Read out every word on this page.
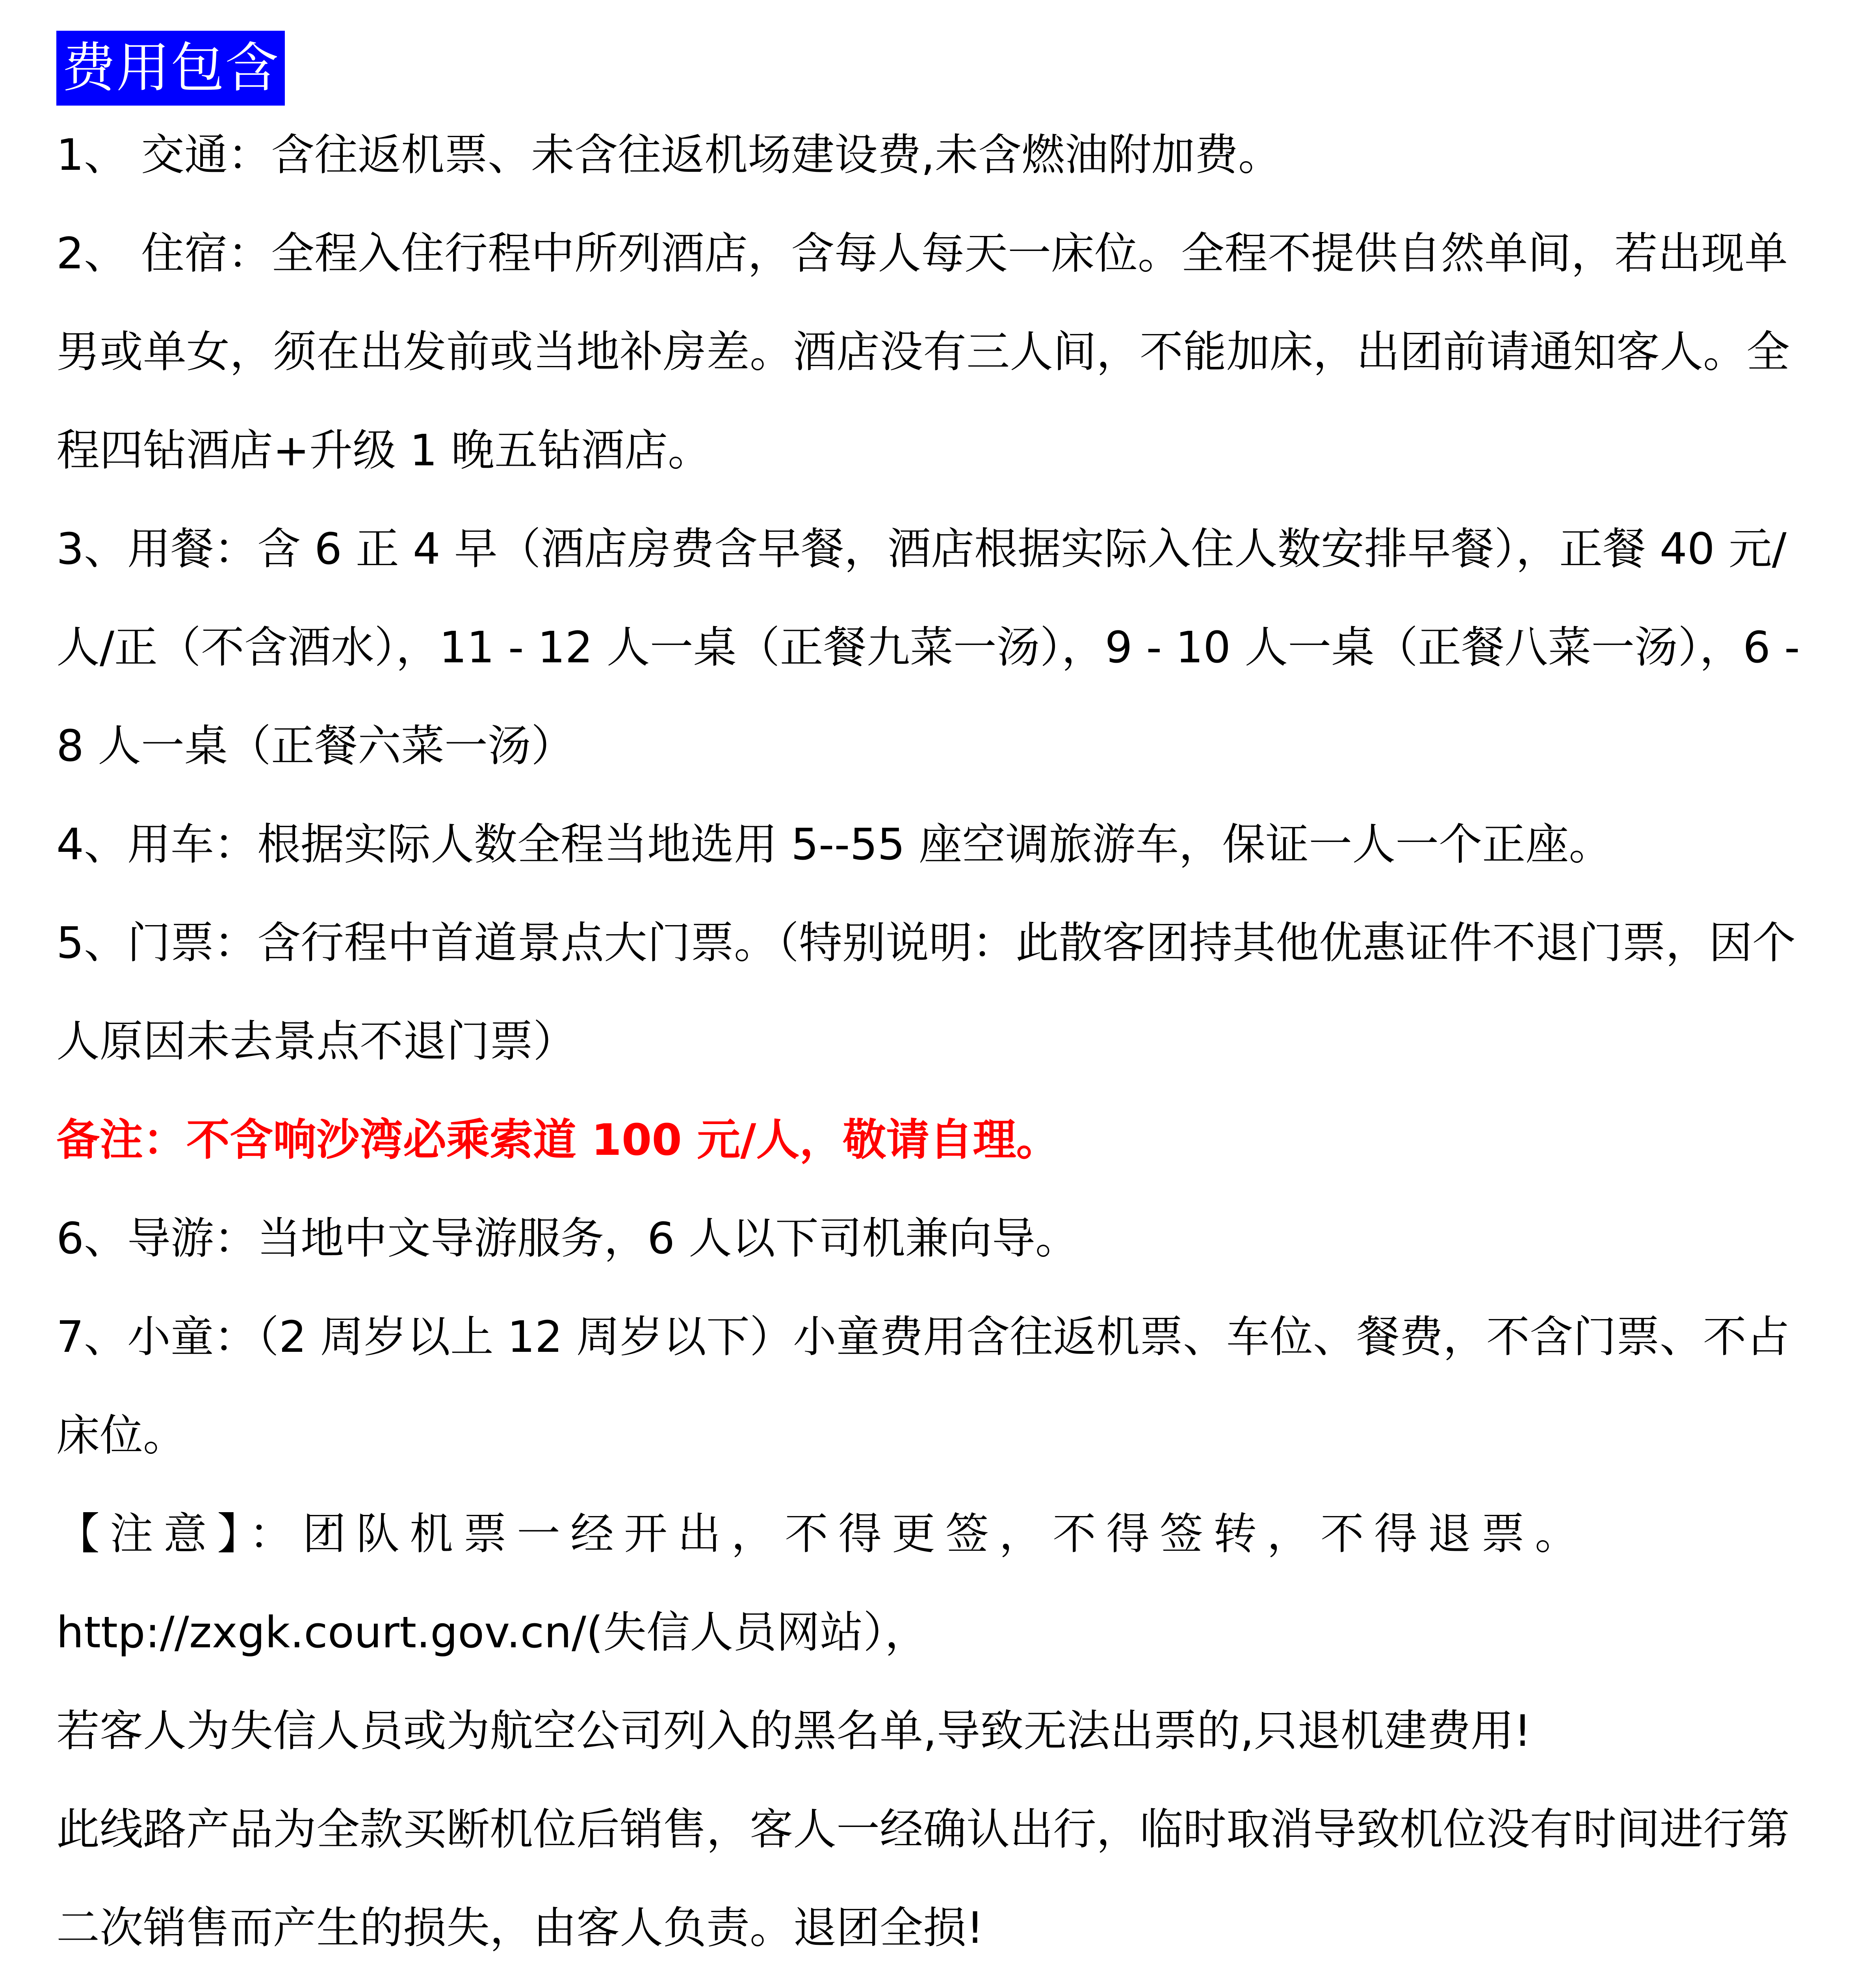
费用包含

1、 交通：含往返机票、未含往返机场建设费,未含燃油附加费。

2、 住宿：全程入住行程中所列酒店，含每人每天一床位。全程不提供自然单间，若出现单男或单女，须在出发前或当地补房差。酒店没有三人间，不能加床，出团前请通知客人。全程四钻酒店+升级 1 晚五钻酒店。

3、用餐：含 6 正 4 早（酒店房费含早餐，酒店根据实际入住人数安排早餐），正餐 40 元/人/正（不含酒水），11 - 12 人一桌（正餐九菜一汤），9 - 10 人一桌（正餐八菜一汤），6 - 8 人一桌（正餐六菜一汤）

4、用车：根据实际人数全程当地选用 5--55 座空调旅游车，保证一人一个正座。

5、门票：含行程中首道景点大门票。（特别说明：此散客团持其他优惠证件不退门票，因个人原因未去景点不退门票）

备注：不含响沙湾必乘索道 100 元/人，敬请自理。

6、导游：当地中文导游服务，6 人以下司机兼向导。

7、小童：（2 周岁以上 12 周岁以下）小童费用含往返机票、车位、餐费，不含门票、不占床位。

【注意】：团队机票一经开出，不得更签，不得签转，不得退票。

http://zxgk.court.gov.cn/(失信人员网站），

若客人为失信人员或为航空公司列入的黑名单,导致无法出票的,只退机建费用!

此线路产品为全款买断机位后销售，客人一经确认出行，临时取消导致机位没有时间进行第二次销售而产生的损失，由客人负责。退团全损!
